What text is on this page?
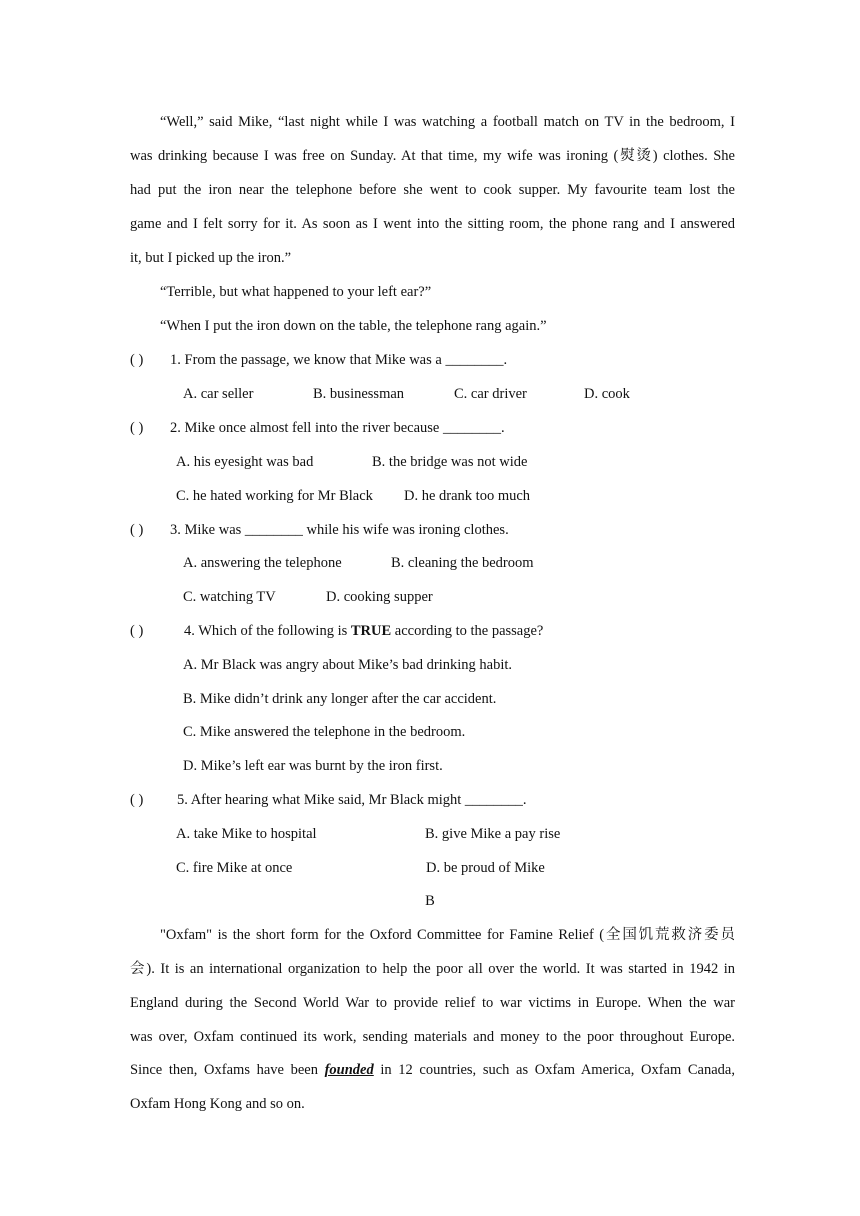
“Well,” said Mike, “last night while I was watching a football match on TV in the bedroom, I
was drinking because I was free on Sunday. At that time, my wife was ironing (熨烫) clothes. She
had put the iron near the telephone before she went to cook supper. My favourite team lost the
game and I felt sorry for it. As soon as I went into the sitting room, the phone rang and I answered
it, but I picked up the iron.”
“Terrible, but what happened to your left ear?”
“When I put the iron down on the table, the telephone rang again.”
( ) 1. From the passage, we know that Mike was a ________.
A. car seller	B. businessman	C. car driver	D. cook
( ) 2. Mike once almost fell into the river because ________.
A. his eyesight was bad	B. the bridge was not wide
C. he hated working for Mr Black D. he drank too much
( ) 3. Mike was ________ while his wife was ironing clothes.
A. answering the telephone	B. cleaning the bedroom
C. watching TV	D. cooking supper
( )	4. Which of the following is TRUE according to the passage?
A. Mr Black was angry about Mike’s bad drinking habit.
B. Mike didn’t drink any longer after the car accident.
C. Mike answered the telephone in the bedroom.
D. Mike’s left ear was burnt by the iron first.
( ) 5. After hearing what Mike said, Mr Black might ________.
A. take Mike to hospital	B. give Mike a pay rise
C. fire Mike at once	D. be proud of Mike
B
"Oxfam" is the short form for the Oxford Committee for Famine Relief (全国饥荒救济委员
会). It is an international organization to help the poor all over the world. It was started in 1942 in
England during the Second World War to provide relief to war victims in Europe. When the war
was over, Oxfam continued its work, sending materials and money to the poor throughout Europe.
Since then, Oxfams have been founded in 12 countries, such as Oxfam America, Oxfam Canada,
Oxfam Hong Kong and so on.
